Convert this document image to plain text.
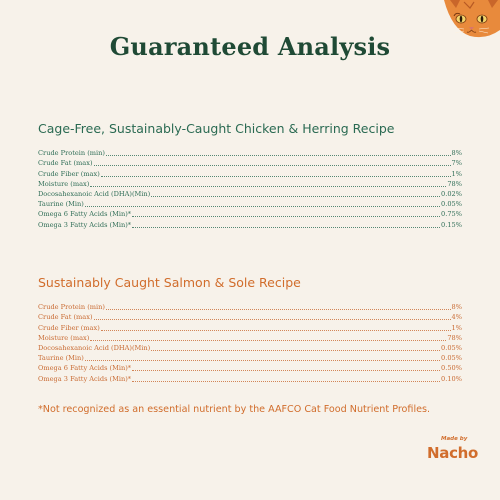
Guaranteed Analysis
Cage-Free, Sustainably-Caught Chicken & Herring Recipe
Crude Protein (min)	8%
Crude Fat (max)	7%
Crude Fiber (max)	1%
Moisture (max)	78%
Docosahexanoic Acid (DHA)(Min)	0.02%
Taurine (Min)	0.05%
Omega 6 Fatty Acids (Min)*	0.75%
Omega 3 Fatty Acids (Min)*	0.15%
Sustainably Caught Salmon & Sole Recipe
Crude Protein (min)	8%
Crude Fat (max)	4%
Crude Fiber (max)	1%
Moisture (max)	78%
Docosahexanoic Acid (DHA)(Min)	0.05%
Taurine (Min)	0.05%
Omega 6 Fatty Acids (Min)*	0.50%
Omega 3 Fatty Acids (Min)*	0.10%
*Not recognized as an essential nutrient by the AAFCO Cat Food Nutrient Profiles.
Made by
Nacho
